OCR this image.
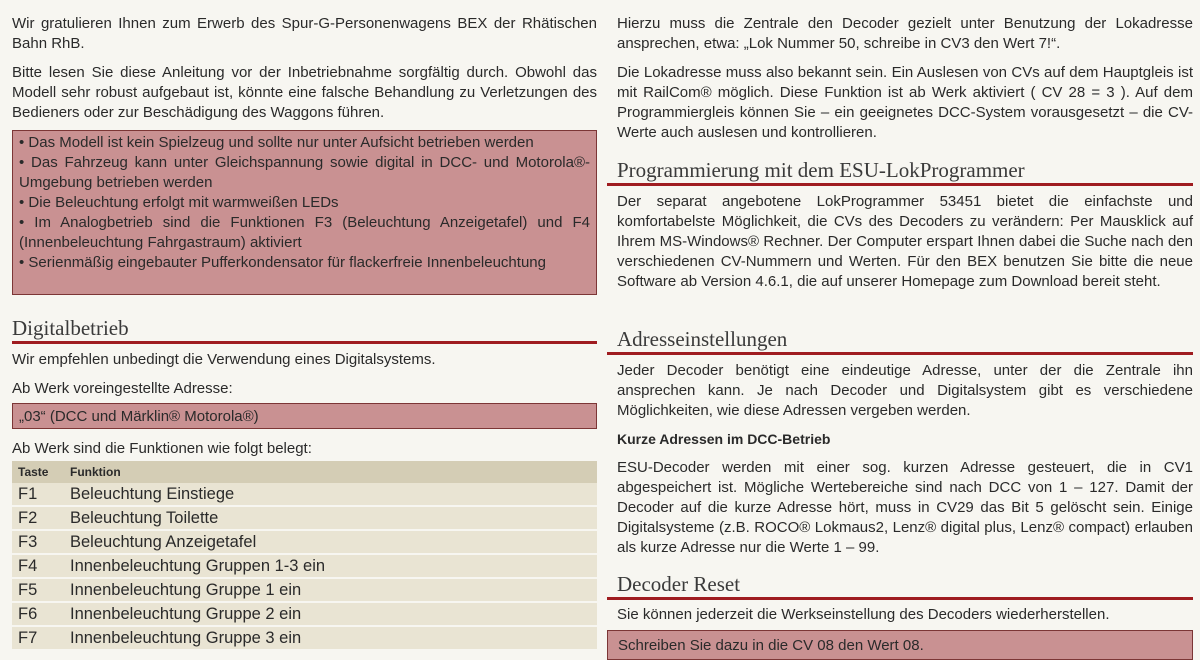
Wir gratulieren Ihnen zum Erwerb des Spur-G-Personenwagens BEX der Rhätischen Bahn RhB.

Bitte lesen Sie diese Anleitung vor der Inbetriebnahme sorgfältig durch. Obwohl das Modell sehr robust aufgebaut ist, könnte eine falsche Behandlung zu Verletzungen des Bedieners oder zur Beschädigung des Waggons führen.

• Das Modell ist kein Spielzeug und sollte nur unter Aufsicht betrieben werden
• Das Fahrzeug kann unter Gleichspannung sowie digital in DCC- und Motorola®-Umgebung betrieben werden
• Die Beleuchtung erfolgt mit warmweißen LEDs
• Im Analogbetrieb sind die Funktionen F3 (Beleuchtung Anzeigetafel) und F4 (Innenbeleuchtung Fahrgastraum) aktiviert
• Serienmäßig eingebauter Pufferkondensator für flackerfreie Innenbeleuchtung
Digitalbetrieb

Wir empfehlen unbedingt die Verwendung eines Digitalsystems.

Ab Werk voreingestellte Adresse:

„03“ (DCC und Märklin® Motorola®)

Ab Werk sind die Funktionen wie folgt belegt:

Taste	Funktion
F1	Beleuchtung Einstiege
F2	Beleuchtung Toilette
F3	Beleuchtung Anzeigetafel
F4	Innenbeleuchtung Gruppen 1-3 ein
F5	Innenbeleuchtung Gruppe 1 ein
F6	Innenbeleuchtung Gruppe 2 ein
F7	Innenbeleuchtung Gruppe 3 ein

Hierzu muss die Zentrale den Decoder gezielt unter Benutzung der Lokadresse ansprechen, etwa: „Lok Nummer 50, schreibe in CV3 den Wert 7!“.

Die Lokadresse muss also bekannt sein. Ein Auslesen von CVs auf dem Hauptgleis ist mit RailCom® möglich. Diese Funktion ist ab Werk aktiviert ( CV 28 = 3 ). Auf dem Programmiergleis können Sie – ein geeignetes DCC-System vorausgesetzt – die CV-Werte auch auslesen und kontrollieren.

Programmierung mit dem ESU-LokProgrammer

Der separat angebotene LokProgrammer 53451 bietet die einfachste und komfortabelste Möglichkeit, die CVs des Decoders zu verändern: Per Mausklick auf Ihrem MS-Windows® Rechner. Der Computer erspart Ihnen dabei die Suche nach den verschiedenen CV-Nummern und Werten. Für den BEX benutzen Sie bitte die neue Software ab Version 4.6.1, die auf unserer Homepage zum Download bereit steht.

Adresseinstellungen

Jeder Decoder benötigt eine eindeutige Adresse, unter der die Zentrale ihn ansprechen kann. Je nach Decoder und Digitalsystem gibt es verschiedene Möglichkeiten, wie diese Adressen vergeben werden.

Kurze Adressen im DCC-Betrieb

ESU-Decoder werden mit einer sog. kurzen Adresse gesteuert, die in CV1 abgespeichert ist. Mögliche Wertebereiche sind nach DCC von 1 – 127. Damit der Decoder auf die kurze Adresse hört, muss in CV29 das Bit 5 gelöscht sein. Einige Digitalsysteme (z.B. ROCO® Lokmaus2, Lenz® digital plus, Lenz® compact) erlauben als kurze Adresse nur die Werte 1 – 99.

Decoder Reset

Sie können jederzeit die Werkseinstellung des Decoders wiederherstellen.

Schreiben Sie dazu in die CV 08 den Wert 08.
